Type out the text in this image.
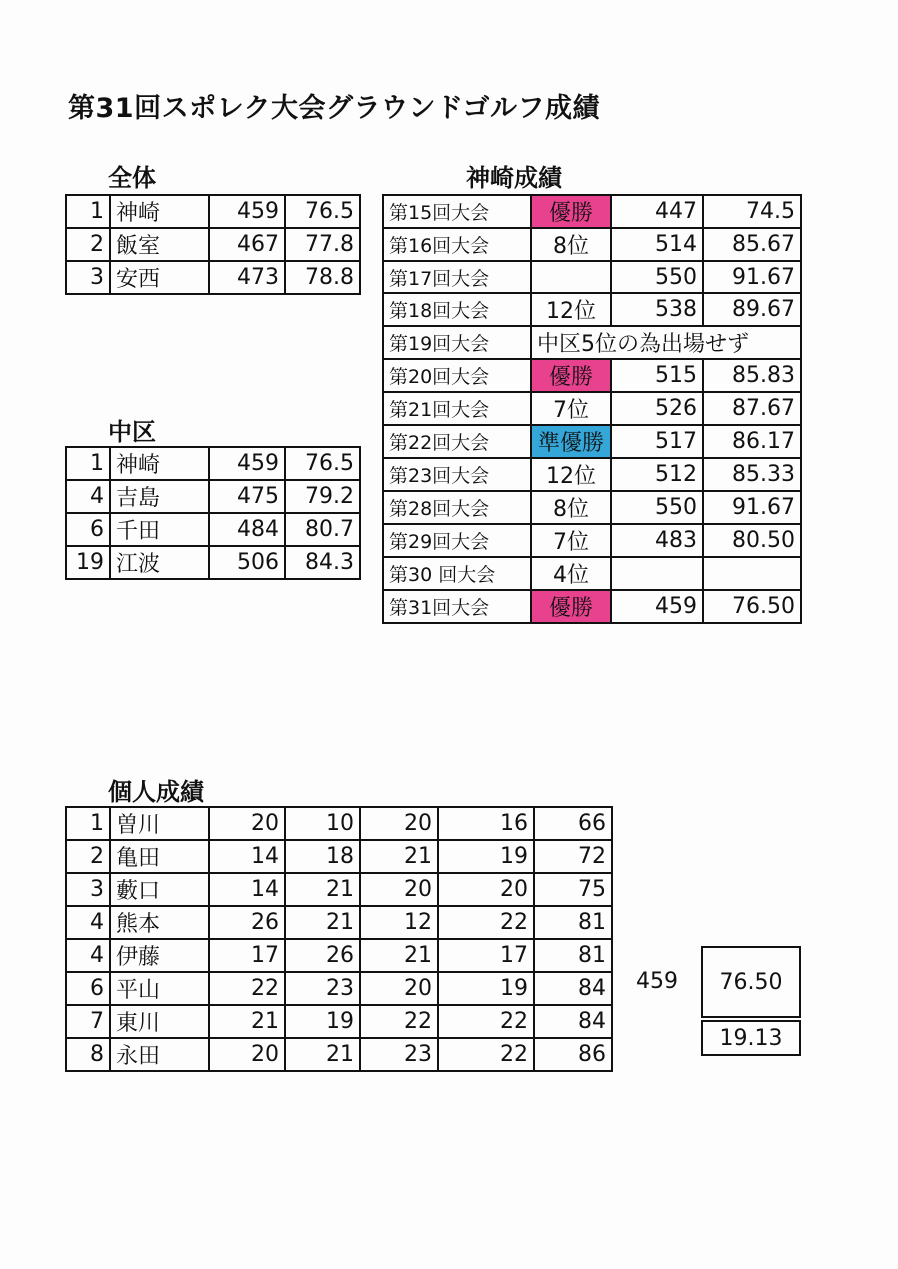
第31回スポレク大会グラウンドゴルフ成績
全体
1	神崎	459	76.5
2	飯室	467	77.8
3	安西	473	78.8
中区
1	神崎	459	76.5
4	吉島	475	79.2
6	千田	484	80.7
19	江波	506	84.3
神崎成績
第15回大会	優勝	447	74.5
第16回大会	8位	514	85.67
第17回大会		550	91.67
第18回大会	12位	538	89.67
第19回大会	中区5位の為出場せず		
第20回大会	優勝	515	85.83
第21回大会	7位	526	87.67
第22回大会	準優勝	517	86.17
第23回大会	12位	512	85.33
第28回大会	8位	550	91.67
第29回大会	7位	483	80.50
第30 回大会	4位		
第31回大会	優勝	459	76.50
個人成績
1	曽川	20	10	20	16	66
2	亀田	14	18	21	19	72
3	藪口	14	21	20	20	75
4	熊本	26	21	12	22	81
4	伊藤	17	26	21	17	81
6	平山	22	23	20	19	84
7	東川	21	19	22	22	84
8	永田	20	21	23	22	86
459	76.50
19.13
